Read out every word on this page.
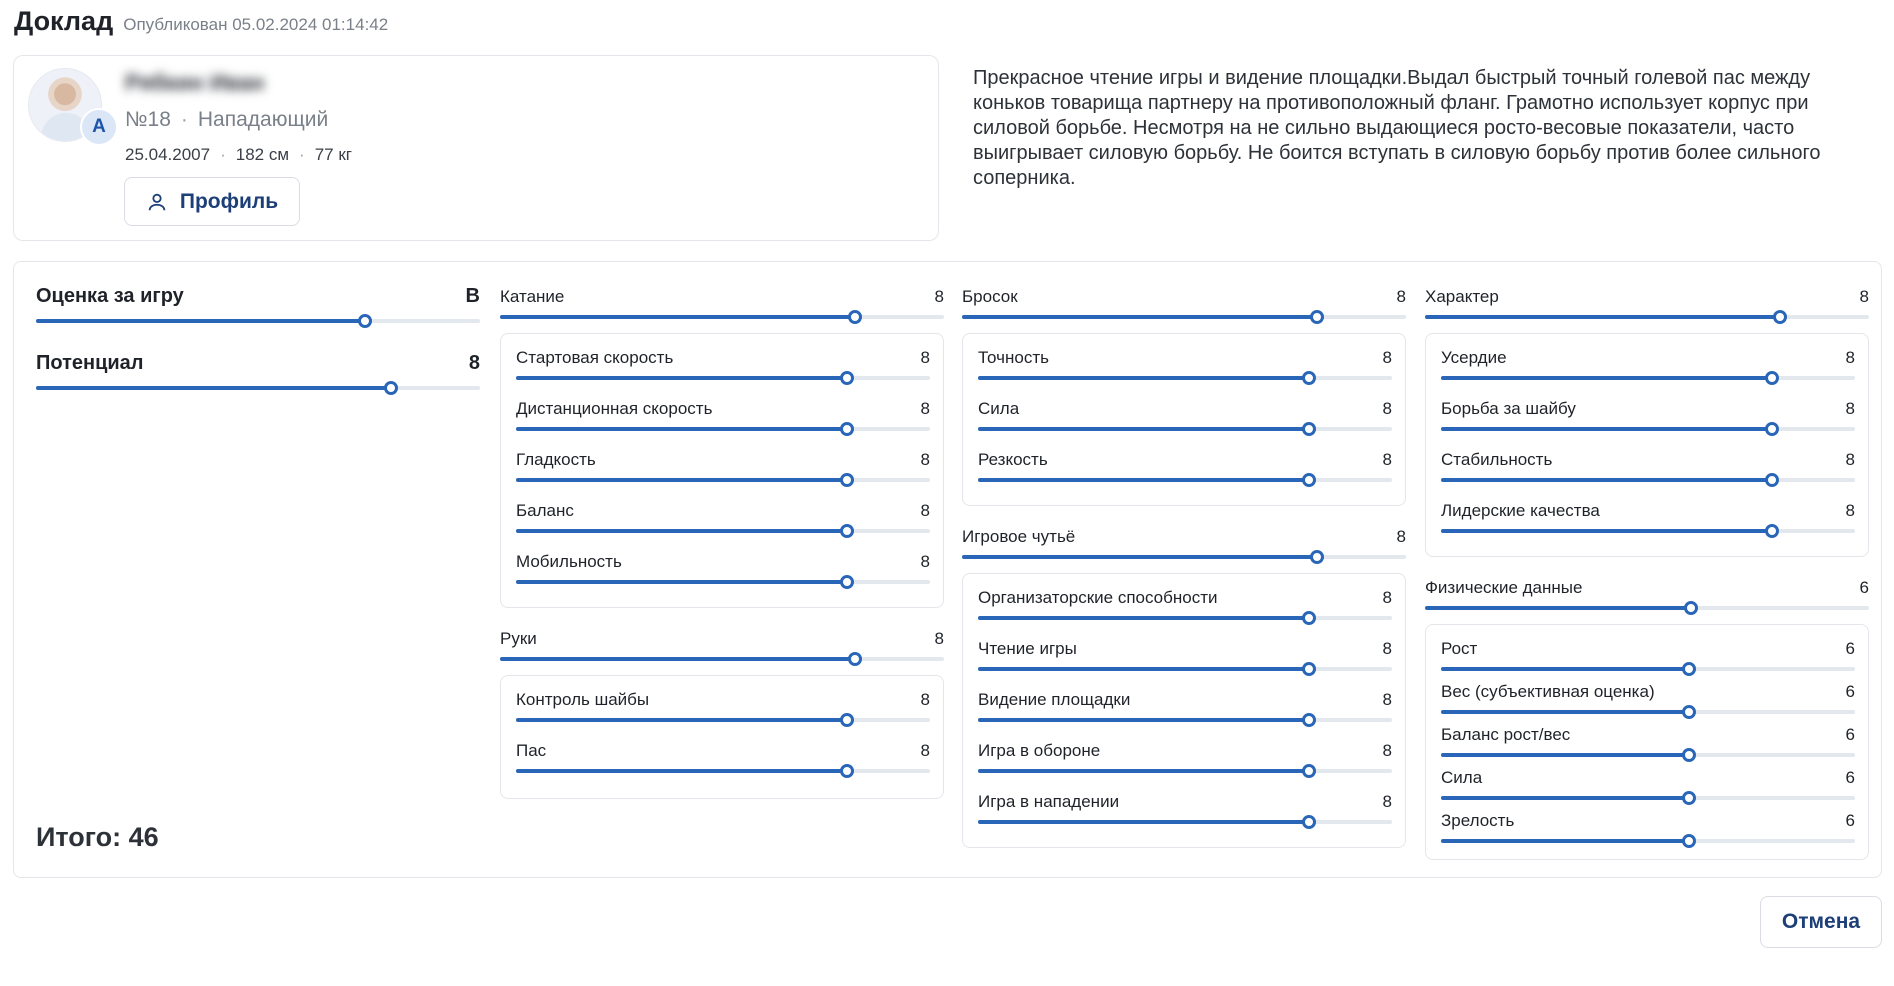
Доклад Опубликован 05.02.2024 01:14:42
A
Рябкин Иван
№18 · Нападающий
25.04.2007 · 182 см · 77 кг
Профиль
Прекрасное чтение игры и видение площадки.Выдал быстрый точный голевой пас между коньков товарища партнеру на противоположный фланг. Грамотно использует корпус при силовой борьбе. Несмотря на не сильно выдающиеся росто-весовые показатели, часто выигрывает силовую борьбу. Не боится вступать в силовую борьбу против более сильного соперника.
Оценка за игру	B
Потенциал	8
Итого: 46
Катание	8
Стартовая скорость	8
Дистанционная скорость	8
Гладкость	8
Баланс	8
Мобильность	8
Руки	8
Контроль шайбы	8
Пас	8
Бросок	8
Точность	8
Сила	8
Резкость	8
Игровое чутьё	8
Организаторские способности	8
Чтение игры	8
Видение площадки	8
Игра в обороне	8
Игра в нападении	8
Характер	8
Усердие	8
Борьба за шайбу	8
Стабильность	8
Лидерские качества	8
Физические данные	6
Рост	6
Вес (субъективная оценка)	6
Баланс рост/вес	6
Сила	6
Зрелость	6
Отмена
